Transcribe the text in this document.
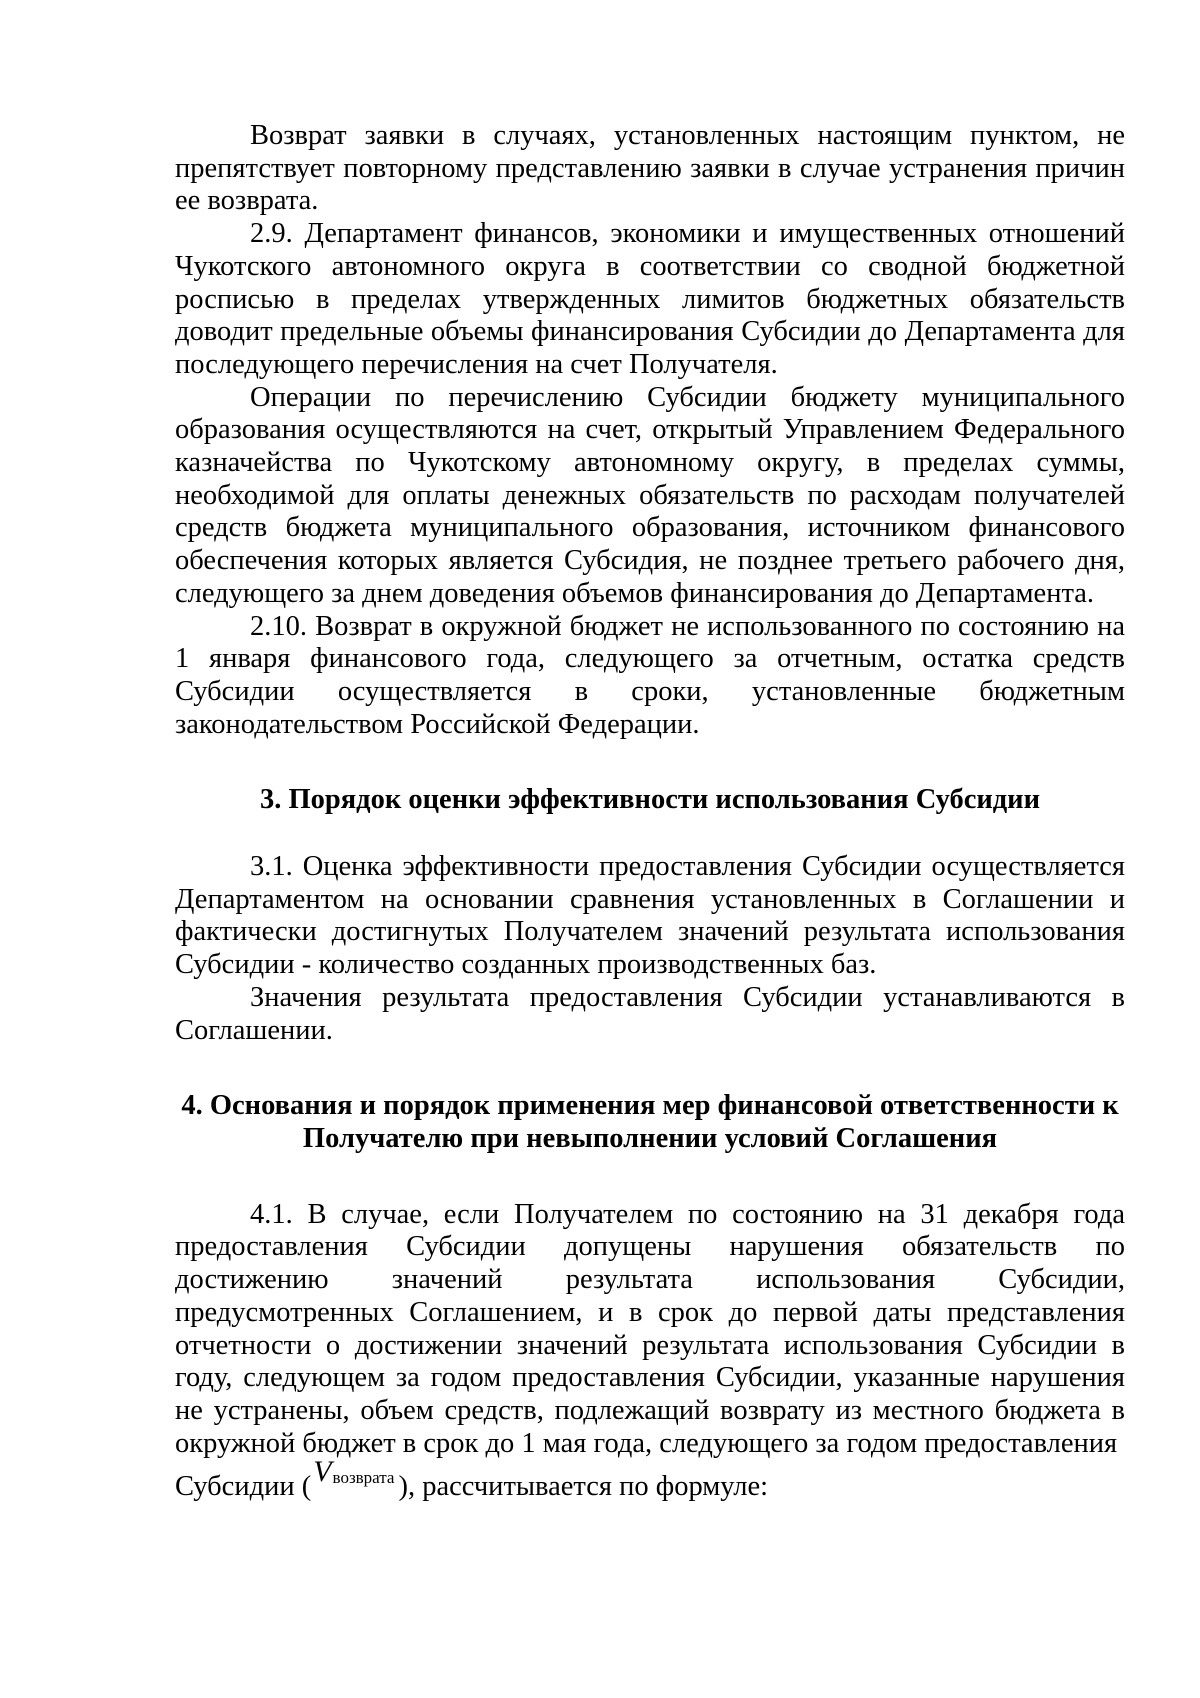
Возврат заявки в случаях, установленных настоящим пунктом, не препятствует повторному представлению заявки в случае устранения причин ее возврата.

2.9. Департамент финансов, экономики и имущественных отношений Чукотского автономного округа в соответствии со сводной бюджетной росписью в пределах утвержденных лимитов бюджетных обязательств доводит предельные объемы финансирования Субсидии до Департамента для последующего перечисления на счет Получателя.

Операции по перечислению Субсидии бюджету муниципального образования осуществляются на счет, открытый Управлением Федерального казначейства по Чукотскому автономному округу, в пределах суммы, необходимой для оплаты денежных обязательств по расходам получателей средств бюджета муниципального образования, источником финансового обеспечения которых является Субсидия, не позднее третьего рабочего дня, следующего за днем доведения объемов финансирования до Департамента.

2.10. Возврат в окружной бюджет не использованного по состоянию на 1 января финансового года, следующего за отчетным, остатка средств Субсидии осуществляется в сроки, установленные бюджетным законодательством Российской Федерации.

3. Порядок оценки эффективности использования Субсидии

3.1. Оценка эффективности предоставления Субсидии осуществляется Департаментом на основании сравнения установленных в Соглашении и фактически достигнутых Получателем значений результата использования Субсидии - количество созданных производственных баз.

Значения результата предоставления Субсидии устанавливаются в Соглашении.

4. Основания и порядок применения мер финансовой ответственности к

Получателю при невыполнении условий Соглашения

4.1. В случае, если Получателем по состоянию на 31 декабря года предоставления Субсидии допущены нарушения обязательств по достижению значений результата использования Субсидии, предусмотренных Соглашением, и в срок до первой даты представления отчетности о достижении значений результата использования Субсидии в году, следующем за годом предоставления Субсидии, указанные нарушения не устранены, объем средств, подлежащий возврату из местного бюджета в окружной бюджет в срок до 1 мая года, следующего за годом предоставления

Субсидии ($V^{возврата}$ ), рассчитывается по формуле:
